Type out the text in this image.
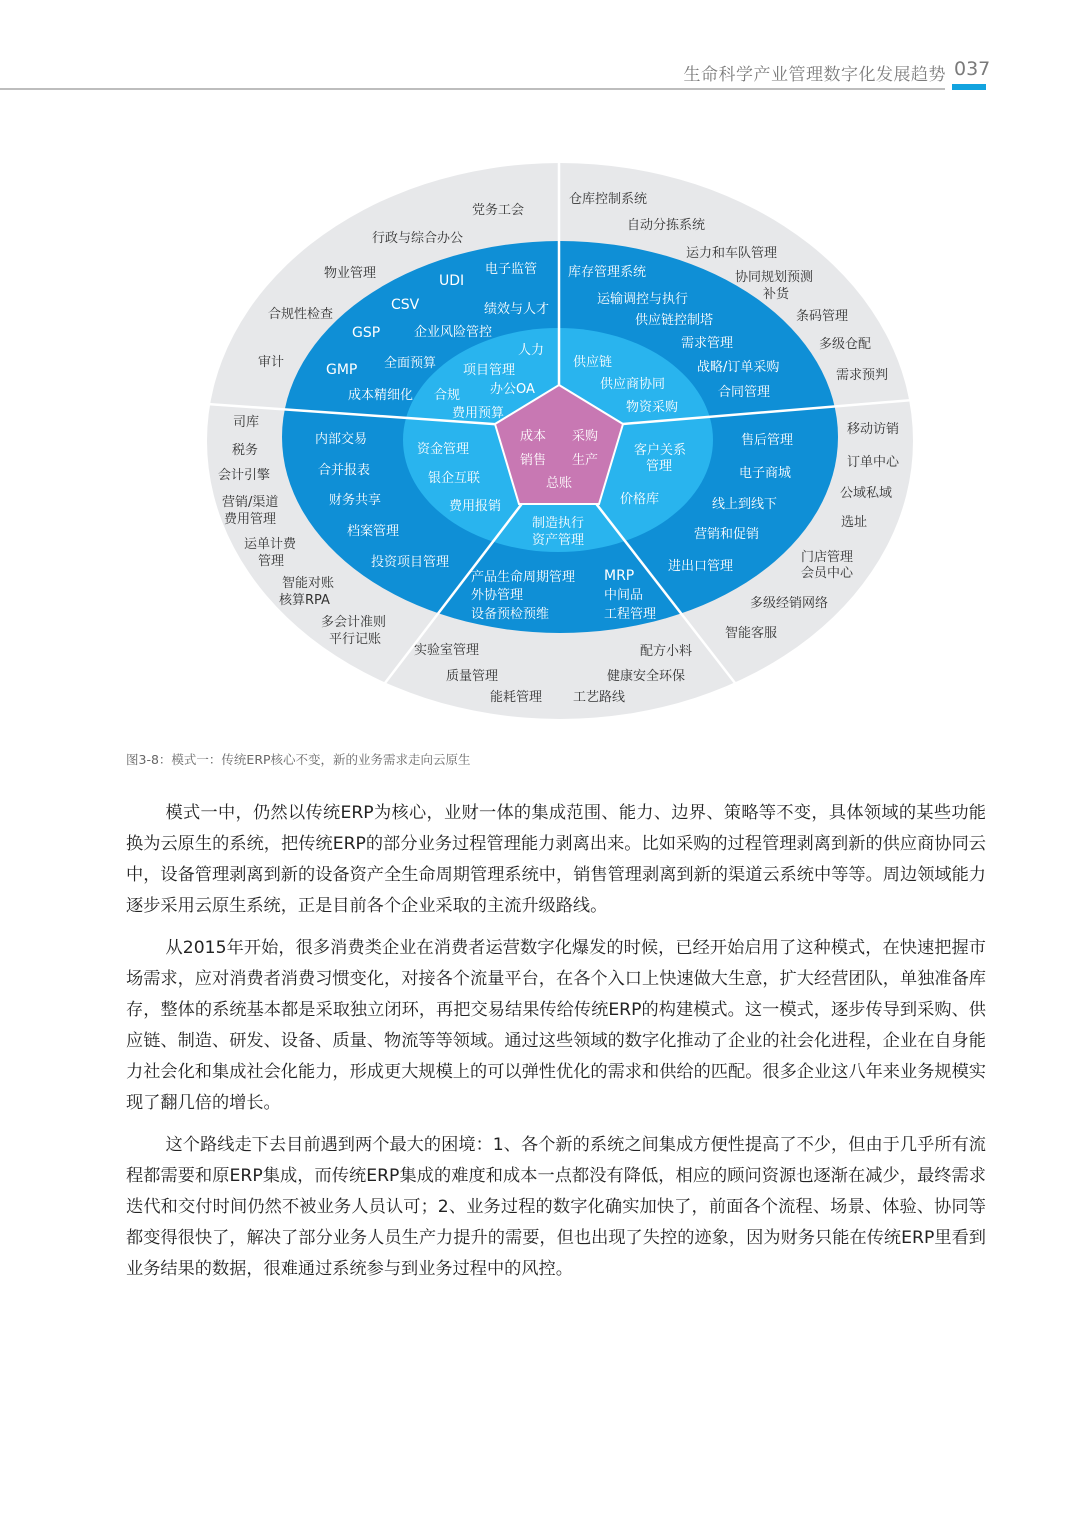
生命科学产业管理数字化发展趋势 037
成本 采购
销售 生产
总账
人力
项目管理
办公OA
合规
费用预算
供应链
供应商协同
物资采购
资金管理
银企互联
费用报销
客户关系
管理
价格库
制造执行
资产管理
电子监管
UDI
CSV	绩效与人才
GSP	企业风险管控
GMP 全面预算
成本精细化
库存管理系统
运输调控与执行
供应链控制塔
需求管理
战略/订单采购
合同管理
内部交易
合并报表
财务共享
档案管理
投资项目管理
售后管理
电子商城
线上到线下
营销和促销
进出口管理
产品生命周期管理
外协管理
设备预检预维
MRP
中间品
工程管理
党务工会
行政与综合办公
物业管理
合规性检查
审计
仓库控制系统
自动分拣系统
运力和车队管理
协同规划预测
补货
条码管理
多级仓配
需求预判
司库
税务
会计引擎
营销/渠道
费用管理
运单计费
管理
智能对账
核算RPA
多会计准则
平行记账
移动访销
订单中心
公域私域
选址
门店管理
会员中心
多级经销网络
智能客服
实验室管理	配方小料
质量管理	健康安全环保
能耗管理 工艺路线
图3-8：模式一：传统ERP核心不变，新的业务需求走向云原生

模式一中，仍然以传统ERP为核心，业财一体的集成范围、能力、边界、策略等不变，具体领域的某些功能换为云原生的系统，把传统ERP的部分业务过程管理能力剥离出来。比如采购的过程管理剥离到新的供应商协同云中，设备管理剥离到新的设备资产全生命周期管理系统中，销售管理剥离到新的渠道云系统中等等。周边领域能力逐步采用云原生系统，正是目前各个企业采取的主流升级路线。

从2015年开始，很多消费类企业在消费者运营数字化爆发的时候，已经开始启用了这种模式，在快速把握市场需求，应对消费者消费习惯变化，对接各个流量平台，在各个入口上快速做大生意，扩大经营团队，单独准备库存，整体的系统基本都是采取独立闭环，再把交易结果传给传统ERP的构建模式。这一模式，逐步传导到采购、供应链、制造、研发、设备、质量、物流等等领域。通过这些领域的数字化推动了企业的社会化进程，企业在自身能力社会化和集成社会化能力，形成更大规模上的可以弹性优化的需求和供给的匹配。很多企业这八年来业务规模实现了翻几倍的增长。

这个路线走下去目前遇到两个最大的困境：1、各个新的系统之间集成方便性提高了不少，但由于几乎所有流程都需要和原ERP集成，而传统ERP集成的难度和成本一点都没有降低，相应的顾问资源也逐渐在减少，最终需求迭代和交付时间仍然不被业务人员认可；2、业务过程的数字化确实加快了，前面各个流程、场景、体验、协同等都变得很快了，解决了部分业务人员生产力提升的需要，但也出现了失控的迹象，因为财务只能在传统ERP里看到业务结果的数据，很难通过系统参与到业务过程中的风控。
